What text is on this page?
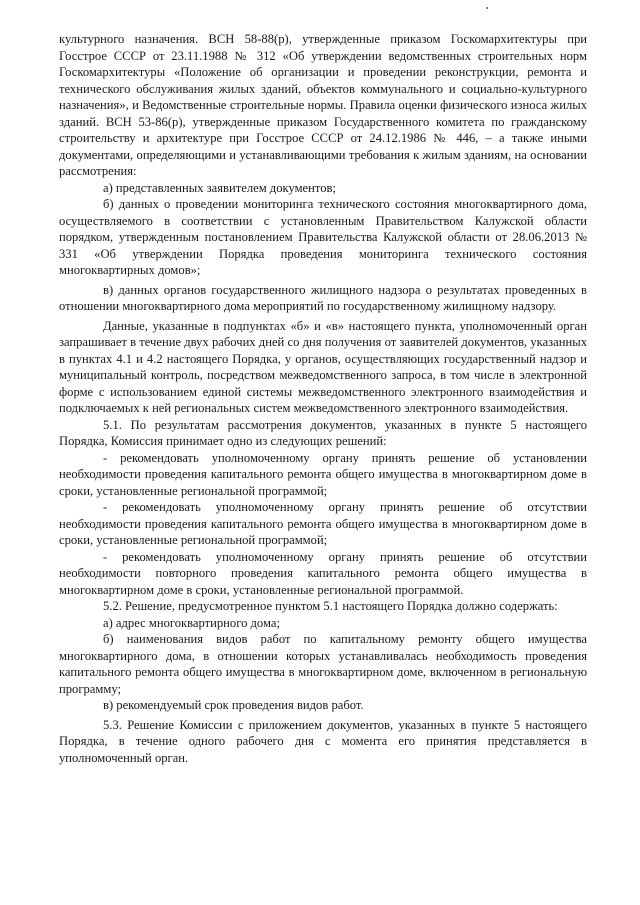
культурного назначения. ВСН 58-88(р), утвержденные приказом Госкомархитектуры при Госстрое СССР от 23.11.1988 № 312 «Об утверждении ведомственных строительных норм Госкомархитектуры «Положение об организации и проведении реконструкции, ремонта и технического обслуживания жилых зданий, объектов коммунального и социально-культурного назначения», и Ведомственные строительные нормы. Правила оценки физического износа жилых зданий. ВСН 53-86(р), утвержденные приказом Государственного комитета по гражданскому строительству и архитектуре при Госстрое СССР от 24.12.1986 № 446, – а также иными документами, определяющими и устанавливающими требования к жилым зданиям, на основании рассмотрения:

а) представленных заявителем документов;

б) данных о проведении мониторинга технического состояния многоквартирного дома, осуществляемого в соответствии с установленным Правительством Калужской области порядком, утвержденным постановлением Правительства Калужской области от 28.06.2013 № 331 «Об утверждении Порядка проведения мониторинга технического состояния многоквартирных домов»;

в) данных органов государственного жилищного надзора о результатах проведенных в отношении многоквартирного дома мероприятий по государственному жилищному надзору.

Данные, указанные в подпунктах «б» и «в» настоящего пункта, уполномоченный орган запрашивает в течение двух рабочих дней со дня получения от заявителей документов, указанных в пунктах 4.1 и 4.2 настоящего Порядка, у органов, осуществляющих государственный надзор и муниципальный контроль, посредством межведомственного запроса, в том числе в электронной форме с использованием единой системы межведомственного электронного взаимодействия и подключаемых к ней региональных систем межведомственного электронного взаимодействия.

5.1. По результатам рассмотрения документов, указанных в пункте 5 настоящего Порядка, Комиссия принимает одно из следующих решений:

- рекомендовать уполномоченному органу принять решение об установлении необходимости проведения капитального ремонта общего имущества в многоквартирном доме в сроки, установленные региональной программой;

- рекомендовать уполномоченному органу принять решение об отсутствии необходимости проведения капитального ремонта общего имущества в многоквартирном доме в сроки, установленные региональной программой;

- рекомендовать уполномоченному органу принять решение об отсутствии необходимости повторного проведения капитального ремонта общего имущества в многоквартирном доме в сроки, установленные региональной программой.

5.2. Решение, предусмотренное пунктом 5.1 настоящего Порядка должно содержать:

а) адрес многоквартирного дома;

б) наименования видов работ по капитальному ремонту общего имущества многоквартирного дома, в отношении которых устанавливалась необходимость проведения капитального ремонта общего имущества в многоквартирном доме, включенном в региональную программу;

в) рекомендуемый срок проведения видов работ.

5.3. Решение Комиссии с приложением документов, указанных в пункте 5 настоящего Порядка, в течение одного рабочего дня с момента его принятия представляется в уполномоченный орган.
